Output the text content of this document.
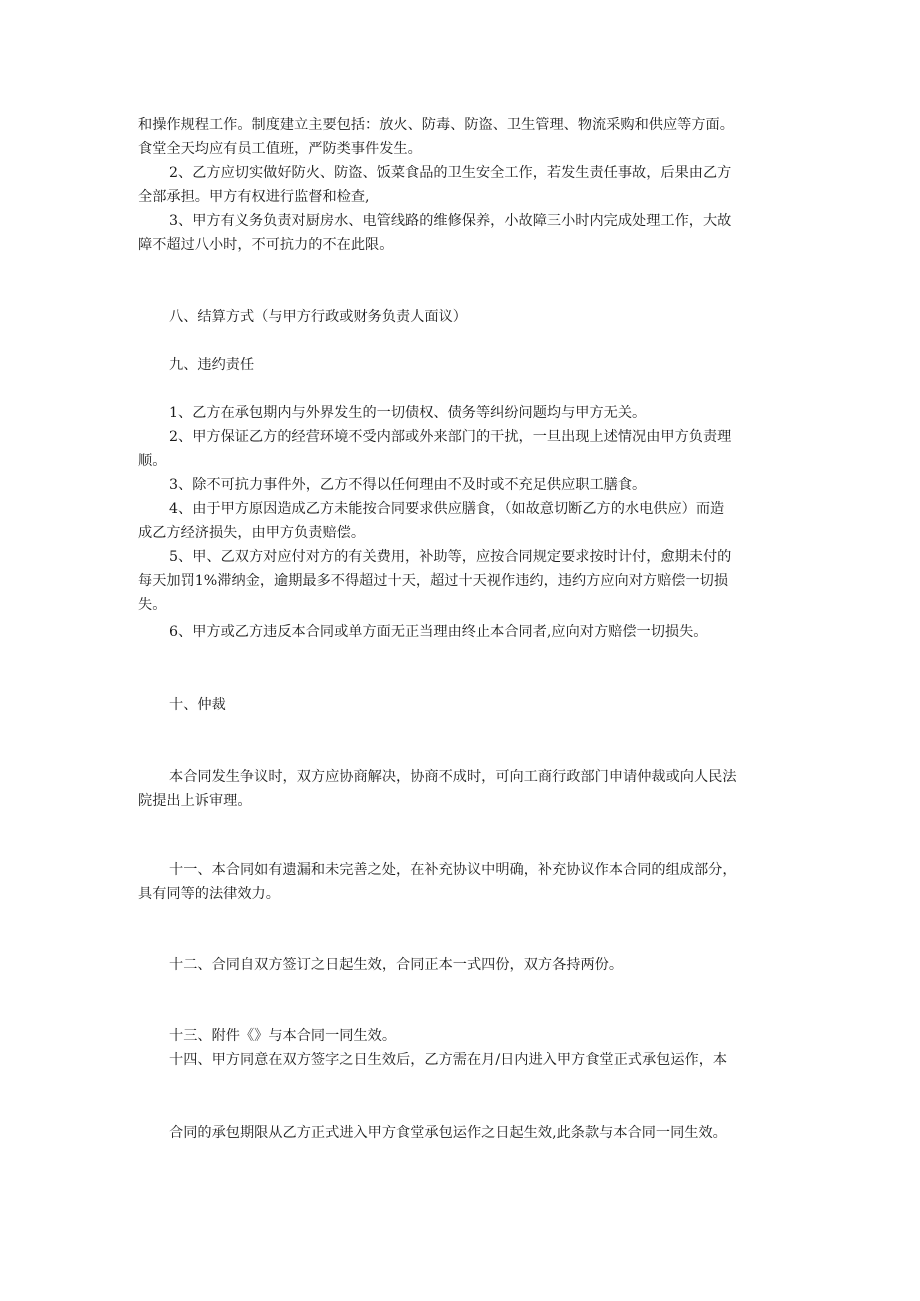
和操作规程工作。制度建立主要包括：放火、防毒、防盗、卫生管理、物流采购和供应等方面。

食堂全天均应有员工值班，严防类事件发生。

2、乙方应切实做好防火、防盗、饭菜食品的卫生安全工作，若发生责任事故，后果由乙方

全部承担。甲方有权进行监督和检查,

3、甲方有义务负责对厨房水、电管线路的维修保养，小故障三小时内完成处理工作，大故

障不超过八小时，不可抗力的不在此限。

八、结算方式（与甲方行政或财务负责人面议）

九、违约责任

1、乙方在承包期内与外界发生的一切债权、债务等纠纷问题均与甲方无关。

2、甲方保证乙方的经营环境不受内部或外来部门的干扰，一旦出现上述情况由甲方负责理

顺。

3、除不可抗力事件外，乙方不得以任何理由不及时或不充足供应职工膳食。

4、由于甲方原因造成乙方未能按合同要求供应膳食，（如故意切断乙方的水电供应）而造

成乙方经济损失，由甲方负责赔偿。

5、甲、乙双方对应付对方的有关费用，补助等，应按合同规定要求按时计付，愈期未付的

每天加罚1%滞纳金，逾期最多不得超过十天，超过十天视作违约，违约方应向对方赔偿一切损

失。

6、甲方或乙方违反本合同或单方面无正当理由终止本合同者,应向对方赔偿一切损失。

十、仲裁

本合同发生争议时，双方应协商解决，协商不成时，可向工商行政部门申请仲裁或向人民法

院提出上诉审理。

十一、本合同如有遗漏和未完善之处，在补充协议中明确，补充协议作本合同的组成部分，

具有同等的法律效力。

十二、合同自双方签订之日起生效，合同正本一式四份，双方各持两份。

十三、附件《》与本合同一同生效。

十四、甲方同意在双方签字之日生效后，乙方需在月/日内进入甲方食堂正式承包运作，本

合同的承包期限从乙方正式进入甲方食堂承包运作之日起生效,此条款与本合同一同生效。
